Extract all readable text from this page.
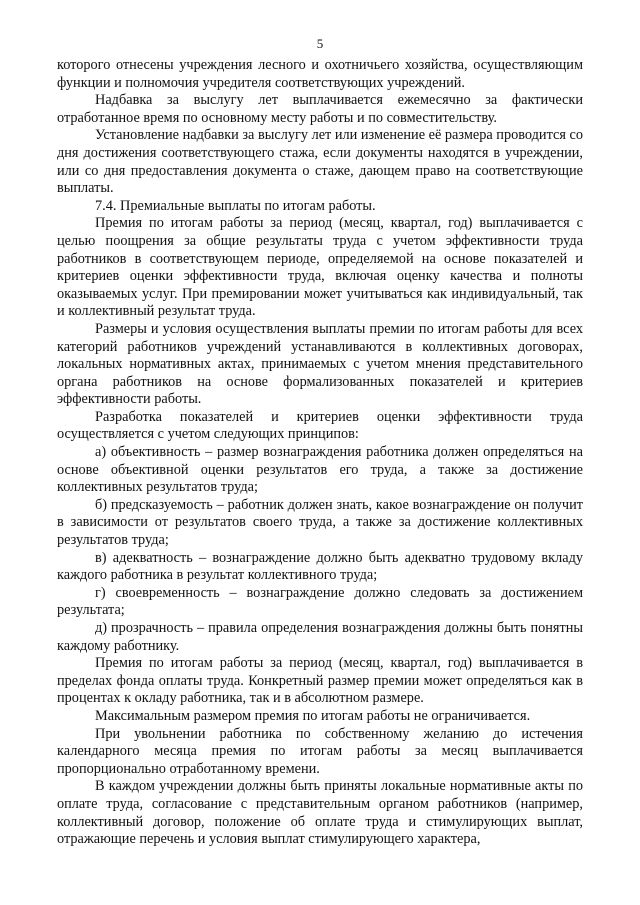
5

которого отнесены учреждения лесного и охотничьего хозяйства, осуществляющим функции и полномочия учредителя соответствующих учреждений.

Надбавка за выслугу лет выплачивается ежемесячно за фактически отработанное время по основному месту работы и по совместительству.

Установление надбавки за выслугу лет или изменение её размера проводится со дня достижения соответствующего стажа, если документы находятся в учреждении, или со дня предоставления документа о стаже, дающем право на соответствующие выплаты.

7.4. Премиальные выплаты по итогам работы.

Премия по итогам работы за период (месяц, квартал, год) выплачивается с целью поощрения за общие результаты труда с учетом эффективности труда работников в соответствующем периоде, определяемой на основе показателей и критериев оценки эффективности труда, включая оценку качества и полноты оказываемых услуг. При премировании может учитываться как индивидуальный, так и коллективный результат труда.

Размеры и условия осуществления выплаты премии по итогам работы для всех категорий работников учреждений устанавливаются в коллективных договорах, локальных нормативных актах, принимаемых с учетом мнения представительного органа работников на основе формализованных показателей и критериев эффективности работы.

Разработка показателей и критериев оценки эффективности труда осуществляется с учетом следующих принципов:

а) объективность – размер вознаграждения работника должен определяться на основе объективной оценки результатов его труда, а также за достижение коллективных результатов труда;

б) предсказуемость – работник должен знать, какое вознаграждение он получит в зависимости от результатов своего труда, а также за достижение коллективных результатов труда;

в) адекватность – вознаграждение должно быть адекватно трудовому вкладу каждого работника в результат коллективного труда;

г) своевременность – вознаграждение должно следовать за достижением результата;

д) прозрачность – правила определения вознаграждения должны быть понятны каждому работнику.

Премия по итогам работы за период (месяц, квартал, год) выплачивается в пределах фонда оплаты труда. Конкретный размер премии может определяться как в процентах к окладу работника, так и в абсолютном размере.

Максимальным размером премия по итогам работы не ограничивается.

При увольнении работника по собственному желанию до истечения календарного месяца премия по итогам работы за месяц выплачивается пропорционально отработанному времени.

В каждом учреждении должны быть приняты локальные нормативные акты по оплате труда, согласование с представительным органом работников (например, коллективный договор, положение об оплате труда и стимулирующих выплат, отражающие перечень и условия выплат стимулирующего характера,
